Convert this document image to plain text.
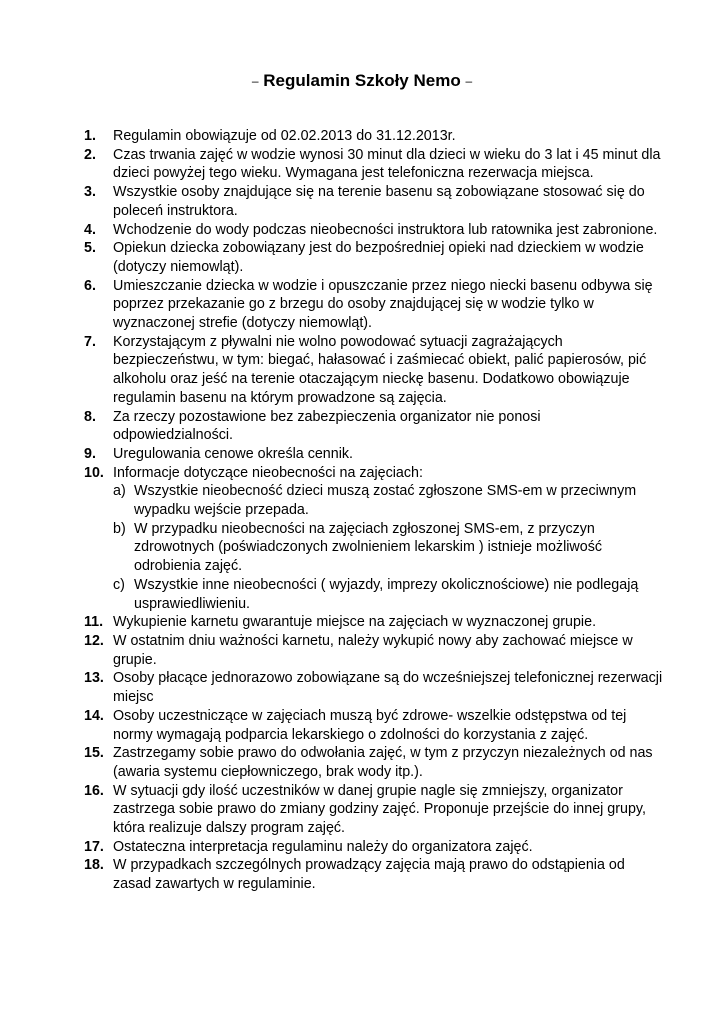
– Regulamin Szkoły Nemo –
1.	Regulamin obowiązuje od 02.02.2013 do 31.12.2013r.
2.	Czas trwania zajęć w wodzie wynosi 30 minut dla dzieci w wieku do 3 lat i 45 minut dla dzieci powyżej tego wieku. Wymagana jest telefoniczna rezerwacja miejsca.
3.	Wszystkie osoby znajdujące się na terenie basenu są zobowiązane stosować się do poleceń instruktora.
4.	Wchodzenie do wody podczas nieobecności instruktora lub ratownika jest zabronione.
5.	Opiekun dziecka zobowiązany jest do bezpośredniej opieki nad dzieckiem w wodzie (dotyczy niemowląt).
6.	Umieszczanie dziecka w wodzie i opuszczanie przez niego niecki basenu odbywa się poprzez przekazanie go z brzegu do osoby znajdującej się w wodzie tylko w wyznaczonej strefie (dotyczy niemowląt).
7.	Korzystającym z pływalni nie wolno powodować sytuacji zagrażających bezpieczeństwu, w tym: biegać, hałasować i zaśmiecać obiekt, palić papierosów, pić alkoholu oraz jeść na terenie otaczającym nieckę basenu. Dodatkowo obowiązuje regulamin basenu na którym prowadzone są zajęcia.
8.	Za rzeczy pozostawione bez zabezpieczenia organizator nie ponosi odpowiedzialności.
9.	Uregulowania cenowe określa cennik.
10. Informacje dotyczące nieobecności na zajęciach:
a) Wszystkie nieobecność dzieci muszą zostać zgłoszone SMS-em w przeciwnym wypadku wejście przepada.
b) W przypadku nieobecności na zajęciach zgłoszonej SMS-em, z przyczyn zdrowotnych (poświadczonych zwolnieniem lekarskim ) istnieje możliwość odrobienia zajęć.
c) Wszystkie inne nieobecności ( wyjazdy, imprezy okolicznościowe) nie podlegają usprawiedliwieniu.
11. Wykupienie karnetu gwarantuje miejsce na zajęciach w wyznaczonej grupie.
12. W ostatnim dniu ważności karnetu, należy wykupić nowy aby zachować miejsce w grupie.
13. Osoby płacące jednorazowo zobowiązane są do wcześniejszej telefonicznej rezerwacji miejsc
14. Osoby uczestniczące w zajęciach muszą być zdrowe- wszelkie odstępstwa od tej normy wymagają podparcia lekarskiego o zdolności do korzystania z zajęć.
15. Zastrzegamy sobie prawo do odwołania zajęć, w tym z przyczyn niezależnych od nas (awaria systemu ciepłowniczego, brak wody itp.).
16. W sytuacji gdy ilość uczestników w danej grupie nagle się zmniejszy, organizator zastrzega sobie prawo do zmiany godziny zajęć. Proponuje przejście do innej grupy, która realizuje dalszy program zajęć.
17. Ostateczna interpretacja regulaminu należy do organizatora zajęć.
18. W przypadkach szczególnych prowadzący zajęcia mają prawo do odstąpienia od zasad zawartych w regulaminie.
